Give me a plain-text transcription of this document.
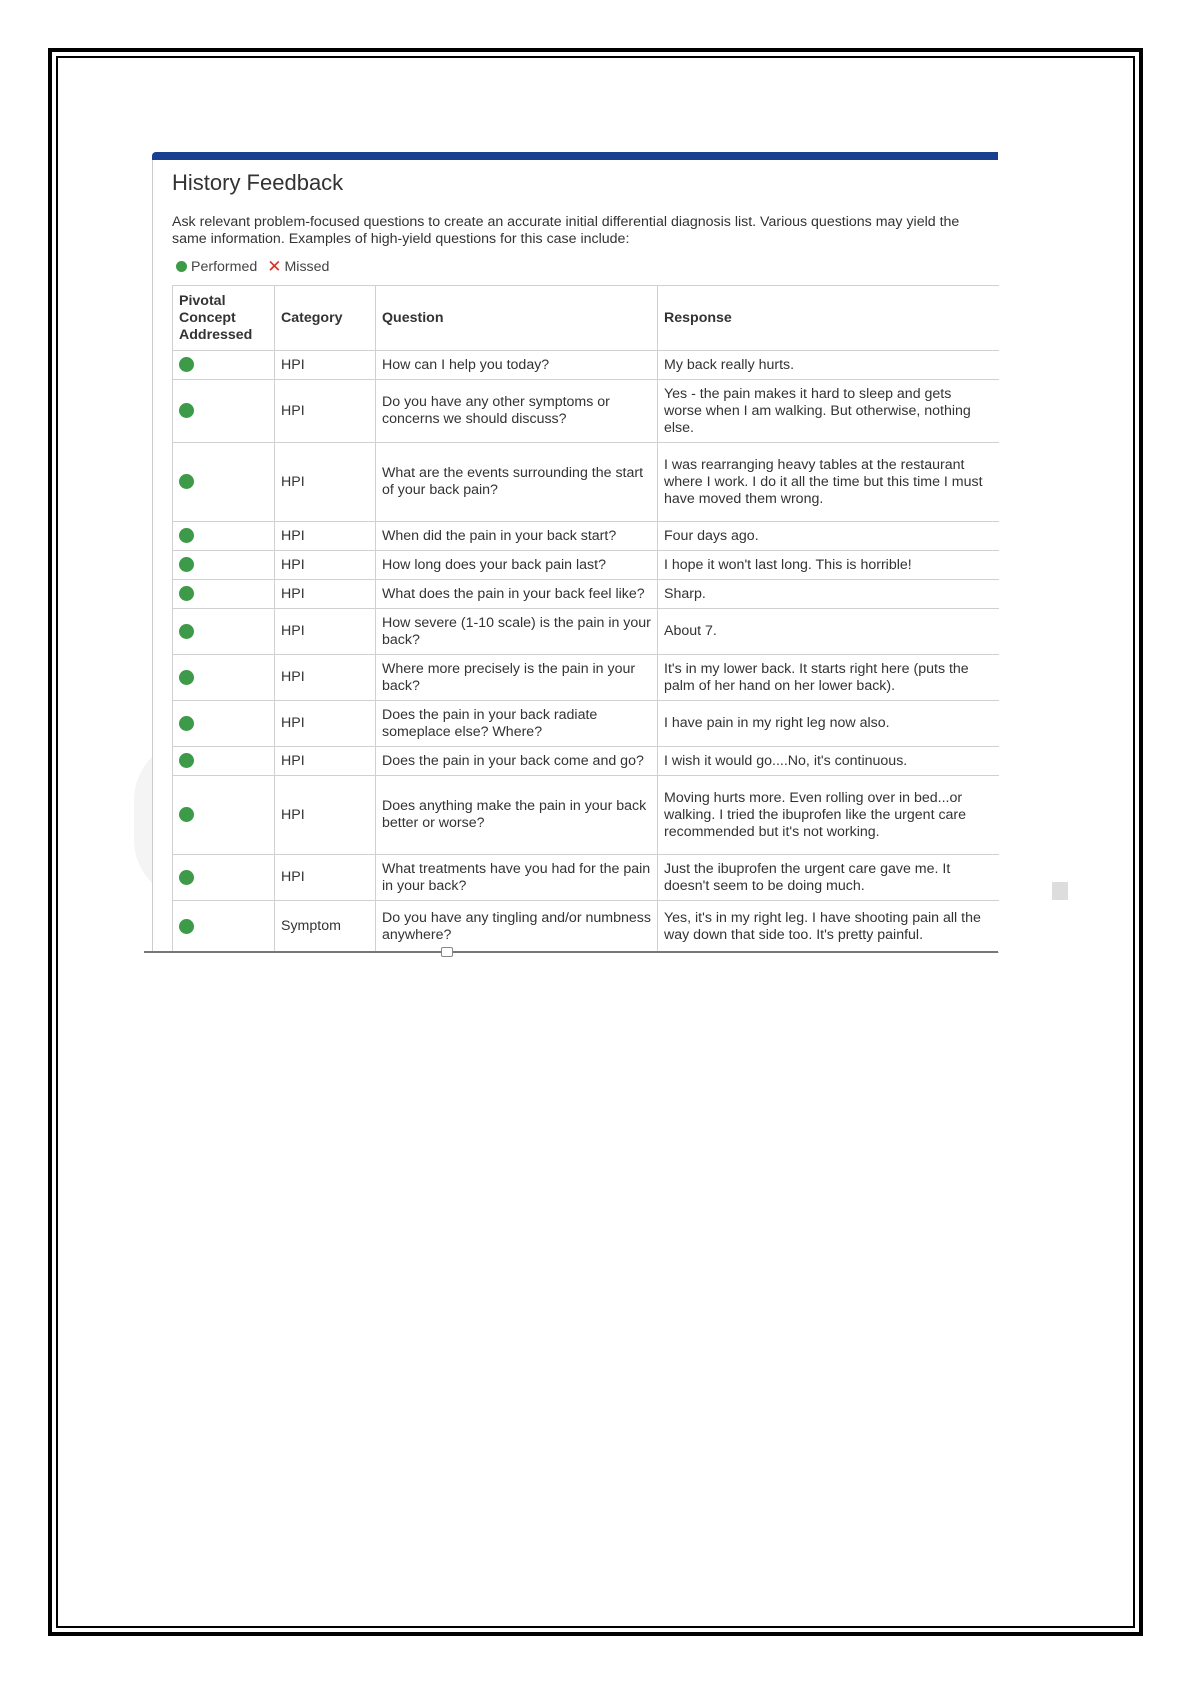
History Feedback

Ask relevant problem-focused questions to create an accurate initial differential diagnosis list. Various questions may yield the same information. Examples of high-yield questions for this case include:

Performed ✕ Missed
Pivotal Concept Addressed	Category	Question	Response
	HPI	How can I help you today?	My back really hurts.
	HPI	Do you have any other symptoms or concerns we should discuss?	Yes - the pain makes it hard to sleep and gets worse when I am walking. But otherwise, nothing else.
	HPI	What are the events surrounding the start of your back pain?	I was rearranging heavy tables at the restaurant where I work. I do it all the time but this time I must have moved them wrong.
	HPI	When did the pain in your back start?	Four days ago.
	HPI	How long does your back pain last?	I hope it won't last long. This is horrible!
	HPI	What does the pain in your back feel like?	Sharp.
	HPI	How severe (1-10 scale) is the pain in your back?	About 7.
	HPI	Where more precisely is the pain in your back?	It's in my lower back. It starts right here (puts the palm of her hand on her lower back).
	HPI	Does the pain in your back radiate someplace else? Where?	I have pain in my right leg now also.
	HPI	Does the pain in your back come and go?	I wish it would go....No, it's continuous.
	HPI	Does anything make the pain in your back better or worse?	Moving hurts more. Even rolling over in bed...or walking. I tried the ibuprofen like the urgent care recommended but it's not working.
	HPI	What treatments have you had for the pain in your back?	Just the ibuprofen the urgent care gave me. It doesn't seem to be doing much.
	Symptom	Do you have any tingling and/or numbness anywhere?	Yes, it's in my right leg. I have shooting pain all the way down that side too. It's pretty painful.
